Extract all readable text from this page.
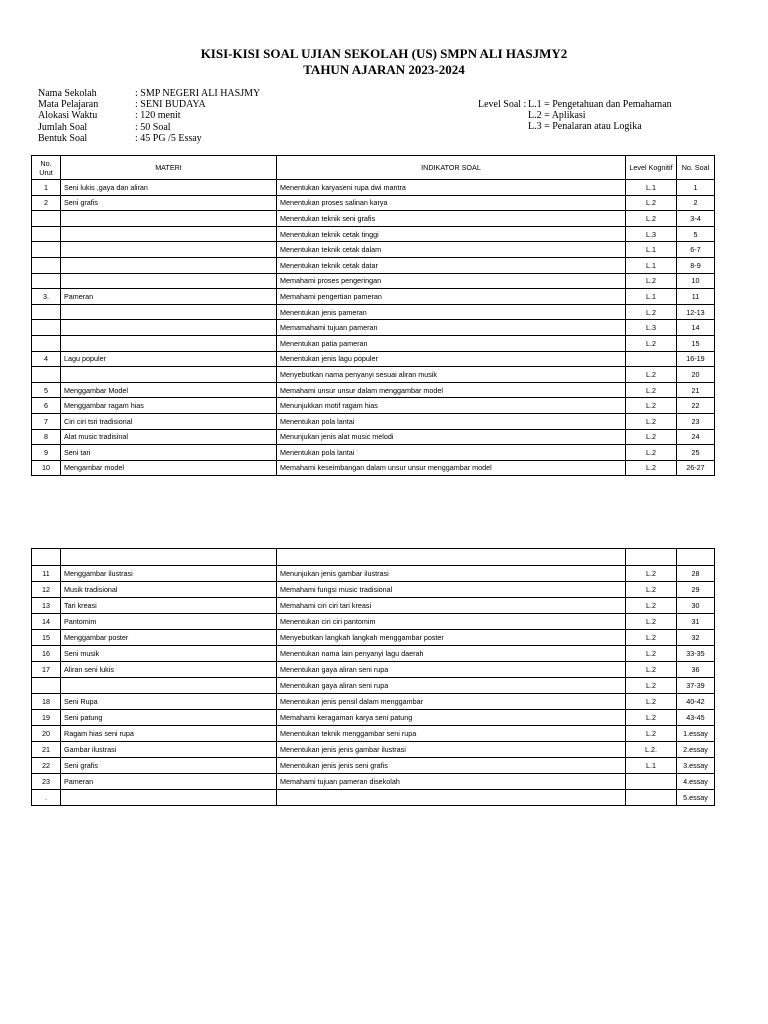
KISI-KISI SOAL UJIAN SEKOLAH (US) SMPN ALI HASJMY2
TAHUN AJARAN 2023-2024
Nama Sekolah	: SMP NEGERI ALI HASJMY
Mata Pelajaran	: SENI BUDAYA
Alokasi Waktu	: 120 menit
Jumlah Soal	: 50 Soal
Bentuk Soal	: 45 PG /5 Essay
Level Soal : L.1 = Pengetahuan dan Pemahaman
L.2 = Aplikasi
L.3 = Penalaran atau Logika
No. Urut	MATERI	INDIKATOR SOAL	Level Kognitif	No. Soal
1	Seni lukis ,gaya dan aliran	Menentukan karyaseni rupa dwi mantra	L.1	1
2	Seni grafis	Menentukan proses salinan karya	L.2	2
		Menentukan teknik seni grafis	L.2	3-4
		Menentukan teknik cetak tinggi	L.3	5
		Menentukan teknik cetak dalam	L.1	6-7
		Menentukan teknik cetak datar	L.1	8-9
		Memahami proses pengeringan	L.2	10
3.	Pameran	Memahami pengertian pameran	L.1	11
		Menentukan jenis pameran	L.2	12-13
		Memamahami tujuan pameran	L.3	14
		Menentukan patia pameran	L.2	15
4	Lagu populer	Menentukan jenis lagu populer		16-19
		Menyebutkan nama penyanyi sesuai aliran musik	L.2	20
5	Menggambar Model	Memahami unsur unsur dalam menggambar model	L.2	21
6	Menggambar ragam hias	Menunjukkan motif ragam hias	L.2	22
7	Ciri ciri tsri tradisional	Menentukan pola lantai	L.2	23
8	Alat music tradisinal	Menunjukan jenis alat music melodi	L.2	24
9	Seni tari	Menentukan pola lantai	L.2	25
10	Mengambar model	Memahami keseimbangan dalam unsur unsur menggambar model	L.2	26-27

11	Menggambar ilustrasi	Menunjukan jenis gambar ilustrasi	L.2	28
12	Musik tradisional	Memahami fungsi music tradisional	L.2	29
13	Tari kreasi	Memahami ciri ciri tari kreasi	L.2	30
14	Pantomim	Menentukan ciri ciri pantomim	L.2	31
15	Menggambar poster	Menyebutkan langkah langkah menggambar poster	L.2	32
16	Seni musik	Menentukan nama lain penyanyi lagu daerah	L.2	33-35
17	Aliran seni lukis	Menentukan gaya aliran seni rupa	L.2	36
		Menentukan gaya aliran seni rupa	L.2	37-39
18	Seni Rupa	Menentukan jenis pensil dalam menggambar	L.2	40-42
19	Seni patung	Memahami keragaman karya seni patung	L.2	43-45
20	Ragam hias seni rupa	Menentukan teknik menggambar seni rupa	L.2	1.essay
21	Gambar ilustrasi	Menentukan jenis jenis gambar ilustrasi	L.2.	2.essay
22	Seni grafis	Menentukan jenis jenis seni grafis	L.1	3.essay
23	Pameran	Memahami tujuan pameran disekolah		4.essay
.				5.essay
